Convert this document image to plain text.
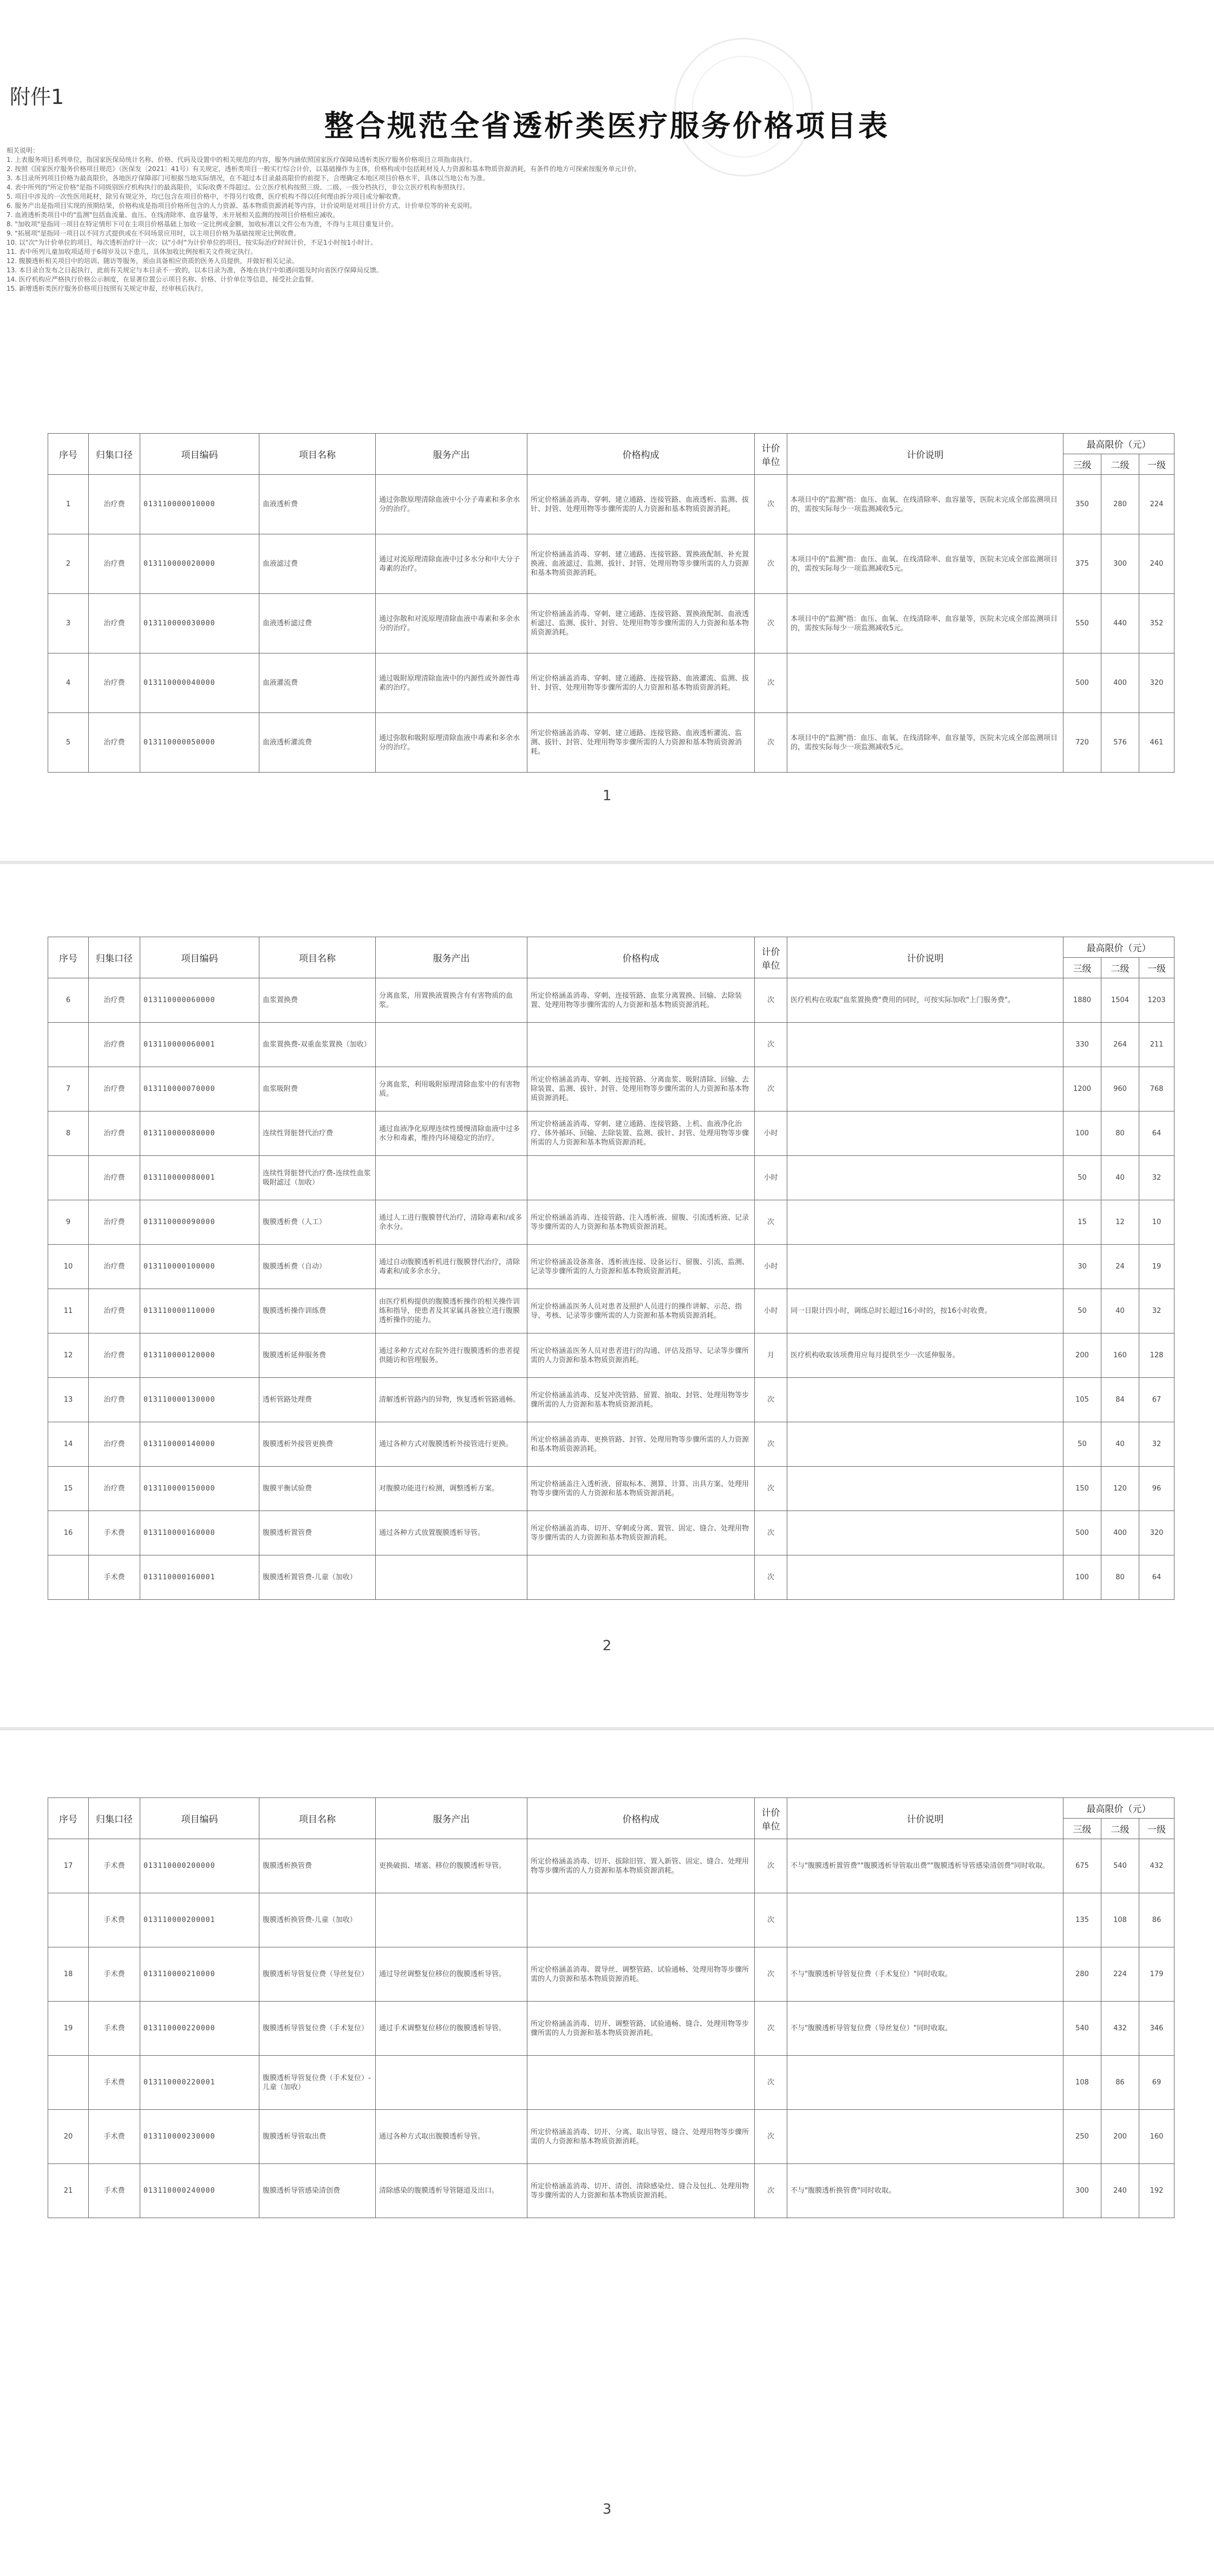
附件1
整合规范全省透析类医疗服务价格项目表

相关说明：

1. 上表服务项目系列单位，指国家医保局统计名称、价格、代码及设置中的相关规范的内容，服务内涵依照国家医疗保障局透析类医疗服务价格项目立项指南执行。

2. 按照《国家医疗服务价格项目规范》（医保发〔2021〕41号）有关规定，透析类项目一般实行综合计价，以基础操作为主体，价格构成中包括耗材及人力资源和基本物质资源消耗，有条件的地方可探索按服务单元计价。

3. 本目录所列项目价格为最高限价，各地医疗保障部门可根据当地实际情况，在不超过本目录最高限价的前提下，合理确定本地区项目价格水平，具体以当地公布为准。

4. 表中所列的"所定价格"是指不同级别医疗机构执行的最高限价，实际收费不得超过。公立医疗机构按照三级、二级、一级分档执行，非公立医疗机构参照执行。

5. 项目中涉及的一次性医用耗材，除另有规定外，均已包含在项目价格中，不得另行收费，医疗机构不得以任何理由拆分项目或分解收费。

6. 服务产出是指项目实现的预期结果，价格构成是指项目价格所包含的人力资源、基本物质资源消耗等内容，计价说明是对项目计价方式、计价单位等的补充说明。

7. 血液透析类项目中的"监测"包括血流量、血压、在线清除率、血容量等，未开展相关监测的按项目价格相应减收。

8. "加收项"是指同一项目在特定情形下可在主项目价格基础上加收一定比例或金额，加收标准以文件公布为准，不得与主项目重复计价。

9. "拓展项"是指同一项目以不同方式提供或在不同场景应用时，以主项目价格为基础按规定比例收费。

10. 以"次"为计价单位的项目，每次透析治疗计一次；以"小时"为计价单位的项目，按实际治疗时间计价，不足1小时按1小时计。

11. 表中所列儿童加收项适用于6周岁及以下患儿，具体加收比例按相关文件规定执行。

12. 腹膜透析相关项目中的培训、随访等服务，须由具备相应资质的医务人员提供，并做好相关记录。

13. 本目录自发布之日起执行，此前有关规定与本目录不一致的，以本目录为准，各地在执行中如遇问题及时向省医疗保障局反馈。

14. 医疗机构应严格执行价格公示制度，在显著位置公示项目名称、价格、计价单位等信息，接受社会监督。

15. 新增透析类医疗服务价格项目按照有关规定申报，经审核后执行。

序号	归集口径	项目编码	项目名称	服务产出	价格构成	计价单位	计价说明	最高限价（元）		
								三级	二级	一级
1	治疗费	013110000010000	血液透析费	通过弥散原理清除血液中小分子毒素和多余水分的治疗。	所定价格涵盖消毒、穿刺、建立通路、连接管路、血液透析、监测、拔针、封管、处理用物等步骤所需的人力资源和基本物质资源消耗。	次	本项目中的"监测"指：血压、血氧、在线清除率、血容量等，医院未完成全部监测项目的，需按实际每少一项监测减收5元。	350	280	224
2	治疗费	013110000020000	血液滤过费	通过对流原理清除血液中过多水分和中大分子毒素的治疗。	所定价格涵盖消毒、穿刺、建立通路、连接管路、置换液配制、补充置换液、血液滤过、监测、拔针、封管、处理用物等步骤所需的人力资源和基本物质资源消耗。	次	本项目中的"监测"指：血压、血氧、在线清除率、血容量等，医院未完成全部监测项目的，需按实际每少一项监测减收5元。	375	300	240
3	治疗费	013110000030000	血液透析滤过费	通过弥散和对流原理清除血液中毒素和多余水分的治疗。	所定价格涵盖消毒、穿刺、建立通路、连接管路、置换液配制、血液透析滤过、监测、拔针、封管、处理用物等步骤所需的人力资源和基本物质资源消耗。	次	本项目中的"监测"指：血压、血氧、在线清除率、血容量等，医院未完成全部监测项目的，需按实际每少一项监测减收5元。	550	440	352
4	治疗费	013110000040000	血液灌流费	通过吸附原理清除血液中的内源性或外源性毒素的治疗。	所定价格涵盖消毒、穿刺、建立通路、连接管路、血液灌流、监测、拔针、封管、处理用物等步骤所需的人力资源和基本物质资源消耗。	次		500	400	320
5	治疗费	013110000050000	血液透析灌流费	通过弥散和吸附原理清除血液中毒素和多余水分的治疗。	所定价格涵盖消毒、穿刺、建立通路、连接管路、血液透析灌流、监测、拔针、封管、处理用物等步骤所需的人力资源和基本物质资源消耗。	次	本项目中的"监测"指：血压、血氧、在线清除率、血容量等，医院未完成全部监测项目的，需按实际每少一项监测减收5元。	720	576	461
1
序号	归集口径	项目编码	项目名称	服务产出	价格构成	计价单位	计价说明	最高限价（元）		
								三级	二级	一级
6	治疗费	013110000060000	血浆置换费	分离血浆，用置换液置换含有有害物质的血浆。	所定价格涵盖消毒、穿刺、连接管路、血浆分离置换、回输、去除装置、处理用物等步骤所需的人力资源和基本物质资源消耗。	次	医疗机构在收取"血浆置换费"费用的同时，可按实际加收"上门服务费"。	1880	1504	1203
	治疗费	013110000060001	血浆置换费-双重血浆置换（加收）			次		330	264	211
7	治疗费	013110000070000	血浆吸附费	分离血浆，利用吸附原理清除血浆中的有害物质。	所定价格涵盖消毒、穿刺、连接管路、分离血浆、吸附清除、回输、去除装置、监测、拔针、封管、处理用物等步骤所需的人力资源和基本物质资源消耗。	次		1200	960	768
8	治疗费	013110000080000	连续性肾脏替代治疗费	通过血液净化原理连续性缓慢清除血液中过多水分和毒素，维持内环境稳定的治疗。	所定价格涵盖消毒、穿刺、建立通路、连接管路、上机、血液净化治疗、体外循环、回输、去除装置、监测、拔针、封管、处理用物等步骤所需的人力资源和基本物质资源消耗。	小时		100	80	64
	治疗费	013110000080001	连续性肾脏替代治疗费-连续性血浆吸附滤过（加收）			小时		50	40	32
9	治疗费	013110000090000	腹膜透析费（人工）	通过人工进行腹膜替代治疗，清除毒素和/或多余水分。	所定价格涵盖消毒、连接管路、注入透析液、留腹、引流透析液、记录等步骤所需的人力资源和基本物质资源消耗。	次		15	12	10
10	治疗费	013110000100000	腹膜透析费（自动）	通过自动腹膜透析机进行腹膜替代治疗，清除毒素和/或多余水分。	所定价格涵盖设备准备、透析液连接、设备运行、留腹、引流、监测、记录等步骤所需的人力资源和基本物质资源消耗。	小时		30	24	19
11	治疗费	013110000110000	腹膜透析操作训练费	由医疗机构提供的腹膜透析操作的相关操作训练和指导，使患者及其家属具备独立进行腹膜透析操作的能力。	所定价格涵盖医务人员对患者及照护人员进行的操作讲解、示范、指导、考核、记录等步骤所需的人力资源和基本物质资源消耗。	小时	同一日限计四小时，调练总时长超过16小时的，按16小时收费。	50	40	32
12	治疗费	013110000120000	腹膜透析延伸服务费	通过多种方式对在院外进行腹膜透析的患者提供随访和管理服务。	所定价格涵盖医务人员对患者进行的沟通、评估及指导、记录等步骤所需的人力资源和基本物质资源消耗。	月	医疗机构收取该项费用应每月提供至少一次延伸服务。	200	160	128
13	治疗费	013110000130000	透析管路处理费	清解透析管路内的异物，恢复透析管路通畅。	所定价格涵盖消毒、反复冲洗管路、留置、抽取、封管、处理用物等步骤所需的人力资源和基本物质资源消耗。	次		105	84	67
14	治疗费	013110000140000	腹膜透析外接管更换费	通过各种方式对腹膜透析外接管进行更换。	所定价格涵盖消毒、更换管路、封管、处理用物等步骤所需的人力资源和基本物质资源消耗。	次		50	40	32
15	治疗费	013110000150000	腹膜平衡试验费	对腹膜功能进行检测，调整透析方案。	所定价格涵盖注入透析液、留取标本、测算、计算、出具方案、处理用物等步骤所需的人力资源和基本物质资源消耗。	次		150	120	96
16	手术费	013110000160000	腹膜透析置管费	通过各种方式放置腹膜透析导管。	所定价格涵盖消毒、切开、穿刺或分离、置管、固定、缝合、处理用物等步骤所需的人力资源和基本物质资源消耗。	次		500	400	320
	手术费	013110000160001	腹膜透析置管费-儿童（加收）			次		100	80	64
2
序号	归集口径	项目编码	项目名称	服务产出	价格构成	计价单位	计价说明	最高限价（元）		
								三级	二级	一级
17	手术费	013110000200000	腹膜透析换管费	更换破损、堵塞、移位的腹膜透析导管。	所定价格涵盖消毒、切开、拔除旧管、置入新管、固定、缝合、处理用物等步骤所需的人力资源和基本物质资源消耗。	次	不与"腹膜透析置管费""腹膜透析导管取出费""腹膜透析导管感染清创费"同时收取。	675	540	432
	手术费	013110000200001	腹膜透析换管费-儿童（加收）			次		135	108	86
18	手术费	013110000210000	腹膜透析导管复位费（导丝复位）	通过导丝调整复位移位的腹膜透析导管。	所定价格涵盖消毒、置导丝、调整管路、试验通畅、处理用物等步骤所需的人力资源和基本物质资源消耗。	次	不与"腹膜透析导管复位费（手术复位）"同时收取。	280	224	179
19	手术费	013110000220000	腹膜透析导管复位费（手术复位）	通过手术调整复位移位的腹膜透析导管。	所定价格涵盖消毒、切开、调整管路、试验通畅、缝合、处理用物等步骤所需的人力资源和基本物质资源消耗。	次	不与"腹膜透析导管复位费（导丝复位）"同时收取。	540	432	346
	手术费	013110000220001	腹膜透析导管复位费（手术复位）-儿童（加收）			次		108	86	69
20	手术费	013110000230000	腹膜透析导管取出费	通过各种方式取出腹膜透析导管。	所定价格涵盖消毒、切开、分离、取出导管、缝合、处理用物等步骤所需的人力资源和基本物质资源消耗。	次		250	200	160
21	手术费	013110000240000	腹膜透析导管感染清创费	清除感染的腹膜透析导管隧道及出口。	所定价格涵盖消毒、切开、清创、清除感染灶、缝合及包扎、处理用物等步骤所需的人力资源和基本物质资源消耗。	次	不与"腹膜透析换管费"同时收取。	300	240	192
3
